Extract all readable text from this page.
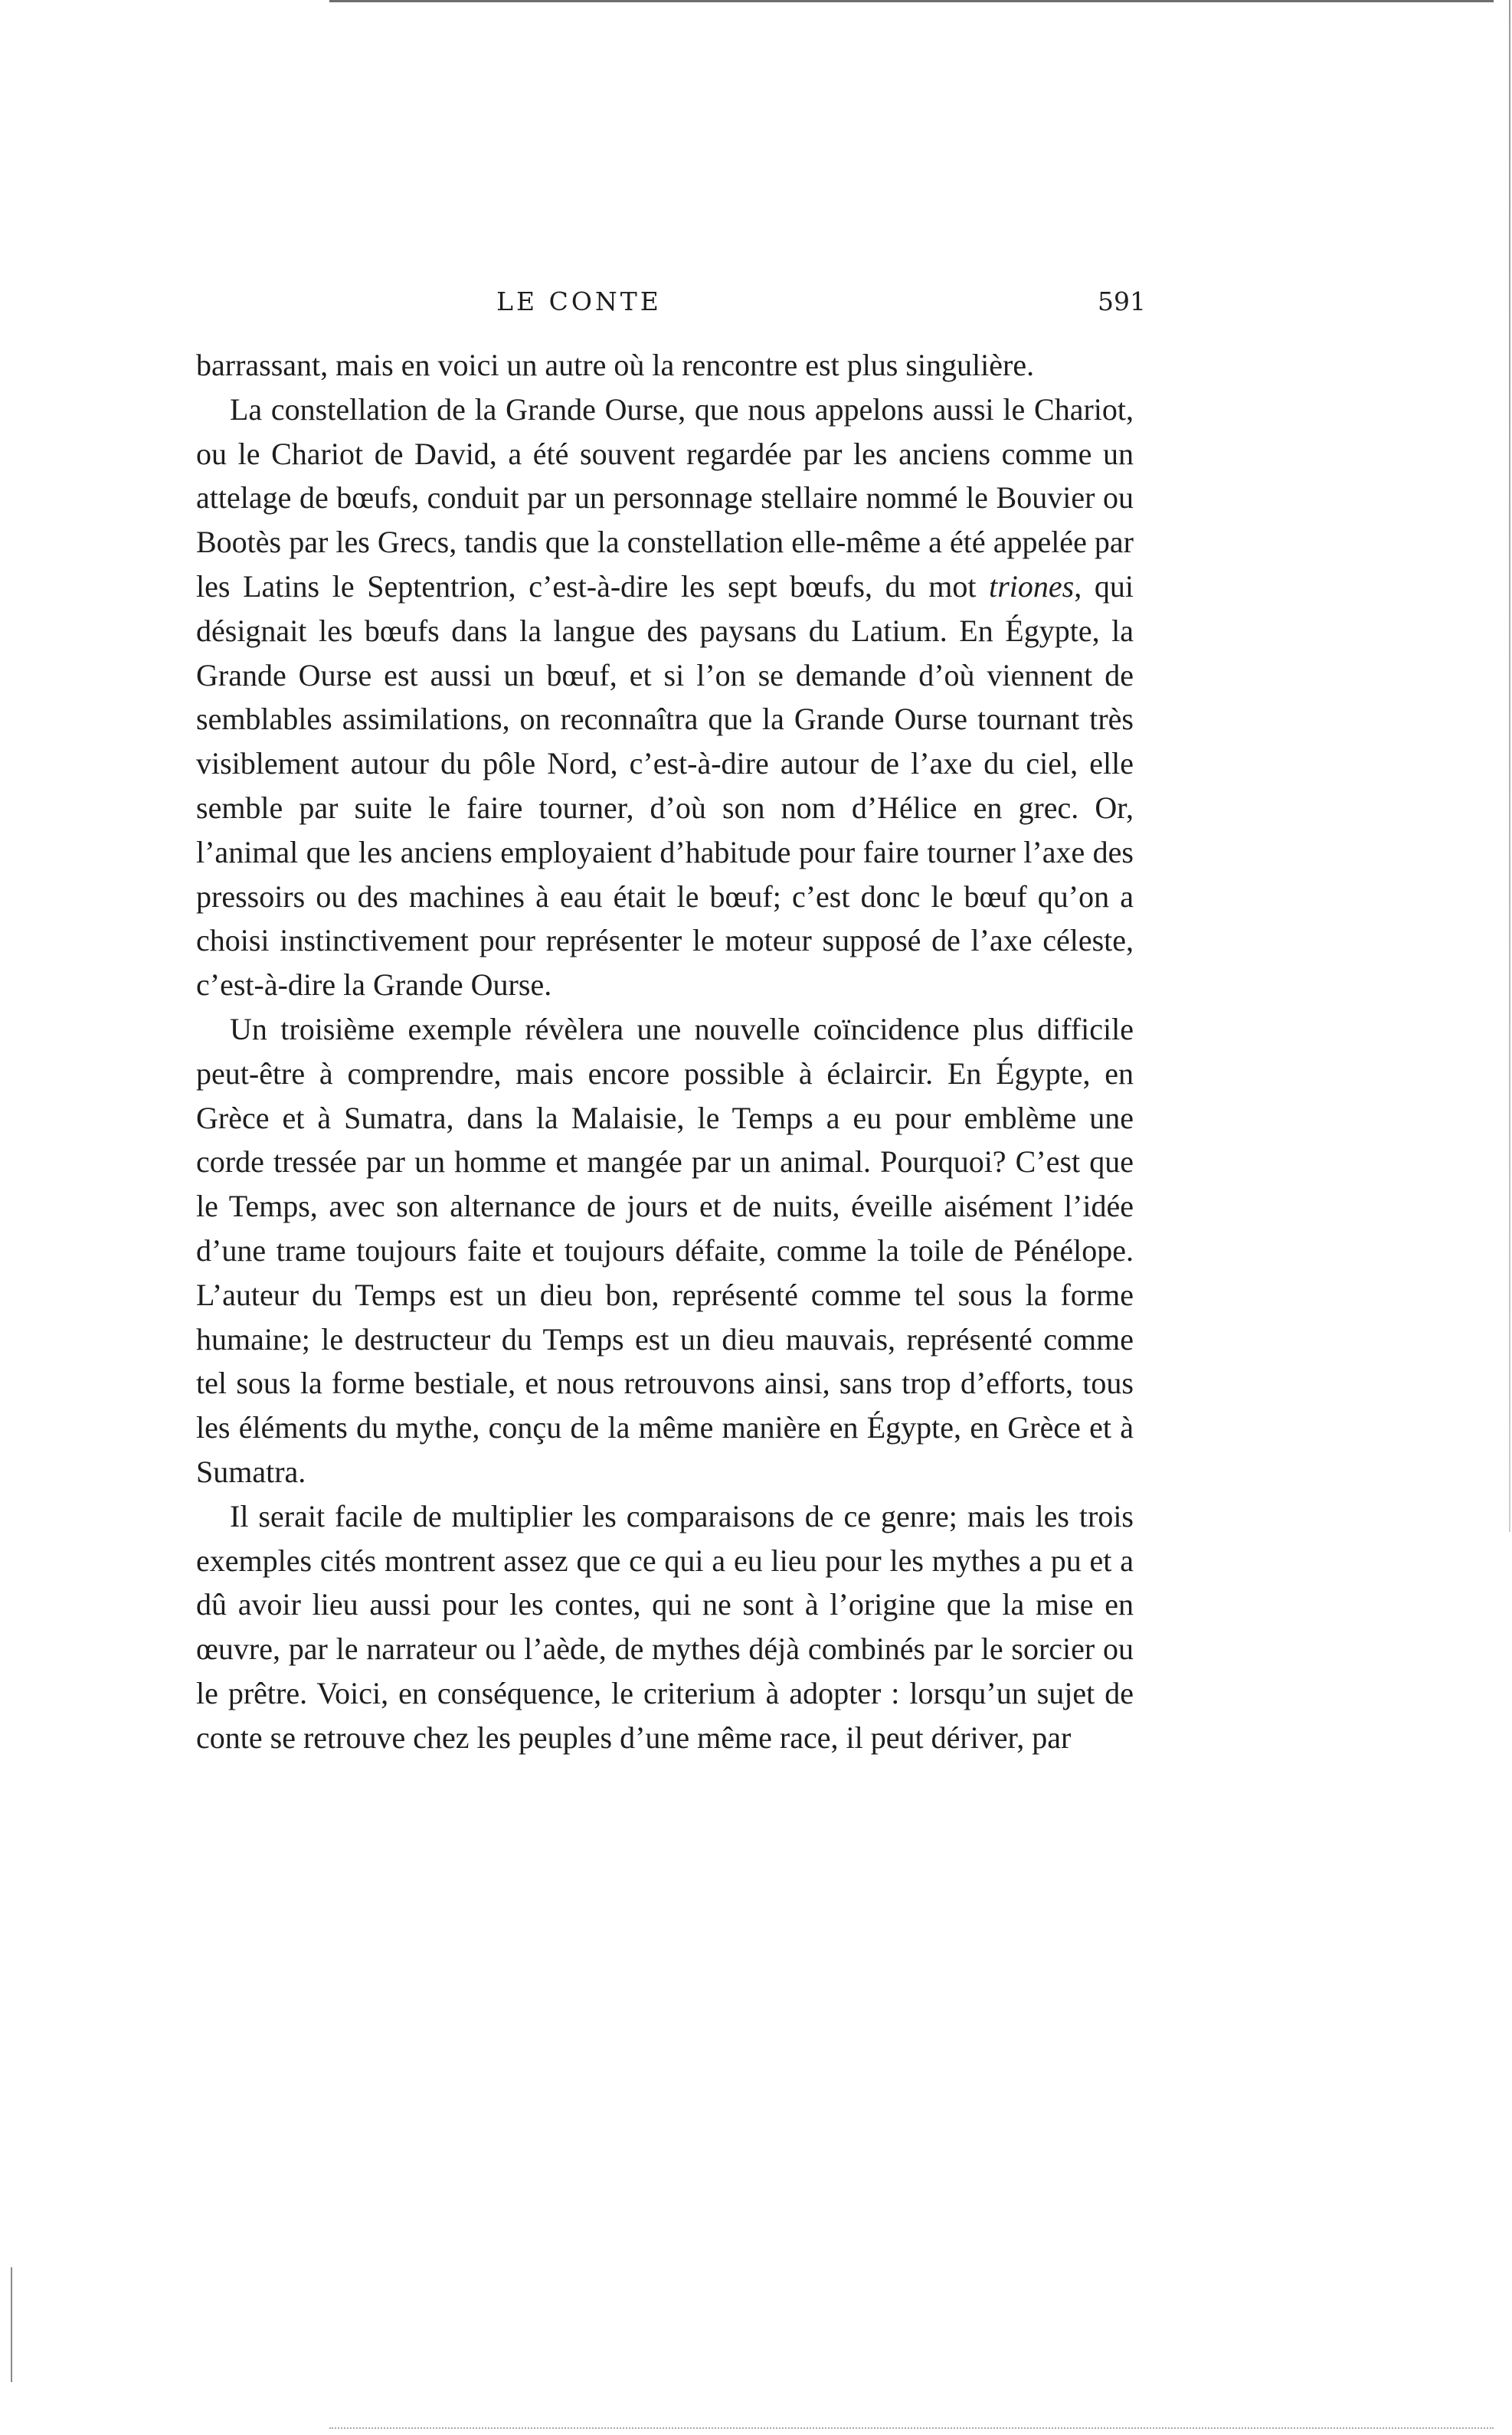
LE CONTE	591

barrassant, mais en voici un autre où la rencontre est plus singulière.

La constellation de la Grande Ourse, que nous appelons aussi le Chariot, ou le Chariot de David, a été souvent regardée par les anciens comme un attelage de bœufs, conduit par un personnage stellaire nommé le Bouvier ou Bootès par les Grecs, tandis que la constellation elle-même a été appelée par les Latins le Septentrion, c’est-à-dire les sept bœufs, du mot triones, qui désignait les bœufs dans la langue des paysans du Latium. En Égypte, la Grande Ourse est aussi un bœuf, et si l’on se demande d’où viennent de semblables assimilations, on reconnaîtra que la Grande Ourse tournant très visiblement autour du pôle Nord, c’est-à-dire autour de l’axe du ciel, elle semble par suite le faire tourner, d’où son nom d’Hélice en grec. Or, l’animal que les anciens employaient d’habitude pour faire tourner l’axe des pressoirs ou des machines à eau était le bœuf; c’est donc le bœuf qu’on a choisi instinctivement pour représenter le moteur supposé de l’axe céleste, c’est-à-dire la Grande Ourse.

Un troisième exemple révèlera une nouvelle coïncidence plus difficile peut-être à comprendre, mais encore possible à éclaircir. En Égypte, en Grèce et à Sumatra, dans la Malaisie, le Temps a eu pour emblème une corde tressée par un homme et mangée par un animal. Pourquoi? C’est que le Temps, avec son alternance de jours et de nuits, éveille aisément l’idée d’une trame toujours faite et toujours défaite, comme la toile de Pénélope. L’auteur du Temps est un dieu bon, représenté comme tel sous la forme humaine; le destructeur du Temps est un dieu mauvais, représenté comme tel sous la forme bestiale, et nous retrouvons ainsi, sans trop d’efforts, tous les éléments du mythe, conçu de la même manière en Égypte, en Grèce et à Sumatra.

Il serait facile de multiplier les comparaisons de ce genre; mais les trois exemples cités montrent assez que ce qui a eu lieu pour les mythes a pu et a dû avoir lieu aussi pour les contes, qui ne sont à l’origine que la mise en œuvre, par le narrateur ou l’aède, de mythes déjà combinés par le sorcier ou le prêtre. Voici, en conséquence, le criterium à adopter : lorsqu’un sujet de conte se retrouve chez les peuples d’une même race, il peut dériver, par
